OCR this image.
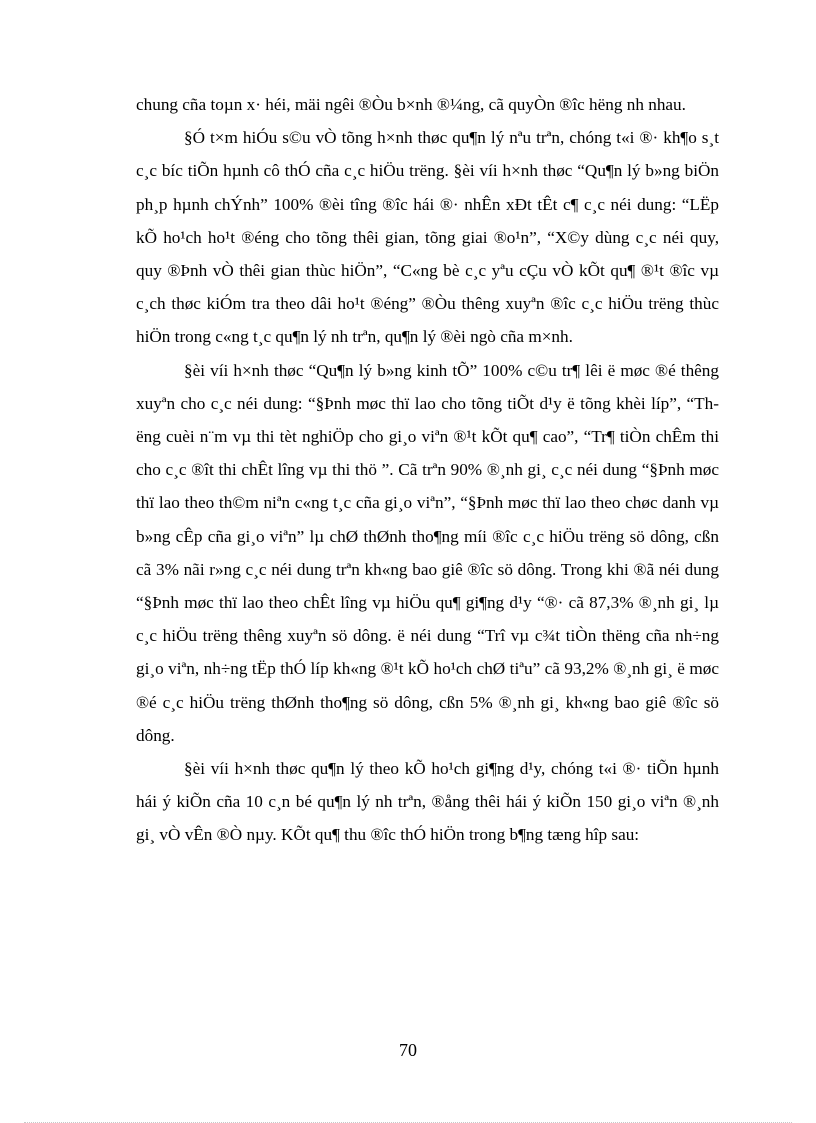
chung cña toµn x· héi, mäi ngêi ®Òu b×nh ®¼ng, cã quyÒn ®îc hëng nh nhau.

§Ó t×m hiÓu s©u vÒ tõng h×nh thøc qu¶n lý nªu trªn, chóng t«i ®· kh¶o s¸t c¸c bíc tiÕn hµnh cô thÓ cña c¸c hiÖu trëng. §èi víi h×nh thøc “Qu¶n lý b»ng biÖn ph¸p hµnh chÝnh” 100% ®èi tîng ®îc hái ®· nhÊn xÐt tÊt c¶ c¸c néi dung: “LËp kÕ ho¹ch ho¹t ®éng cho tõng thêi gian, tõng giai ®o¹n”, “X©y dùng c¸c néi quy, quy ®Þnh vÒ thêi gian thùc hiÖn”, “C«ng bè c¸c yªu cÇu vÒ kÕt qu¶ ®¹t ®îc vµ c¸ch thøc kiÓm tra theo dâi ho¹t ®éng” ®Òu thêng xuyªn ®îc c¸c hiÖu trëng thùc hiÖn trong c«ng t¸c qu¶n lý nh trªn, qu¶n lý ®èi ngò cña m×nh.

§èi víi h×nh thøc “Qu¶n lý b»ng kinh tÕ” 100% c©u tr¶ lêi ë møc ®é thêng xuyªn cho c¸c néi dung: “§Þnh møc thï lao cho tõng tiÕt d¹y ë tõng khèi líp”, “Thëng cuèi n¨m vµ thi tèt nghiÖp cho gi¸o viªn ®¹t kÕt qu¶ cao”, “Tr¶ tiÒn chÊm thi cho c¸c ®ît thi chÊt lîng vµ thi thö ”. Cã trªn 90% ®¸nh gi¸ c¸c néi dung “§Þnh møc thï lao theo th©m niªn c«ng t¸c cña gi¸o viªn”, “§Þnh møc thï lao theo chøc danh vµ b»ng cÊp cña gi¸o viªn” lµ chØ thØnh tho¶ng míi ®îc c¸c hiÖu trëng sö dông, cßn cã 3% nãi r»ng c¸c néi dung trªn kh«ng bao giê ®îc sö dông. Trong khi ®ã néi dung “§Þnh møc thï lao theo chÊt lîng vµ hiÖu qu¶ gi¶ng d¹y “®· cã 87,3% ®¸nh gi¸ lµ c¸c hiÖu trëng thêng xuyªn sö dông. ë néi dung “Trî vµ c¾t tiÒn thëng cña nh÷ng gi¸o viªn, nh÷ng tËp thÓ líp kh«ng ®¹t kÕ ho¹ch chØ tiªu” cã 93,2% ®¸nh gi¸ ë møc ®é c¸c hiÖu trëng thØnh tho¶ng sö dông, cßn 5% ®¸nh gi¸ kh«ng bao giê ®îc sö dông.

§èi víi h×nh thøc qu¶n lý theo kÕ ho¹ch gi¶ng d¹y, chóng t«i ®· tiÕn hµnh hái ý kiÕn cña 10 c¸n bé qu¶n lý nh trªn, ®ång thêi hái ý kiÕn 150 gi¸o viªn ®¸nh gi¸ vÒ vÊn ®Ò nµy. KÕt qu¶ thu ®îc thÓ hiÖn trong b¶ng tæng hîp sau:

70
